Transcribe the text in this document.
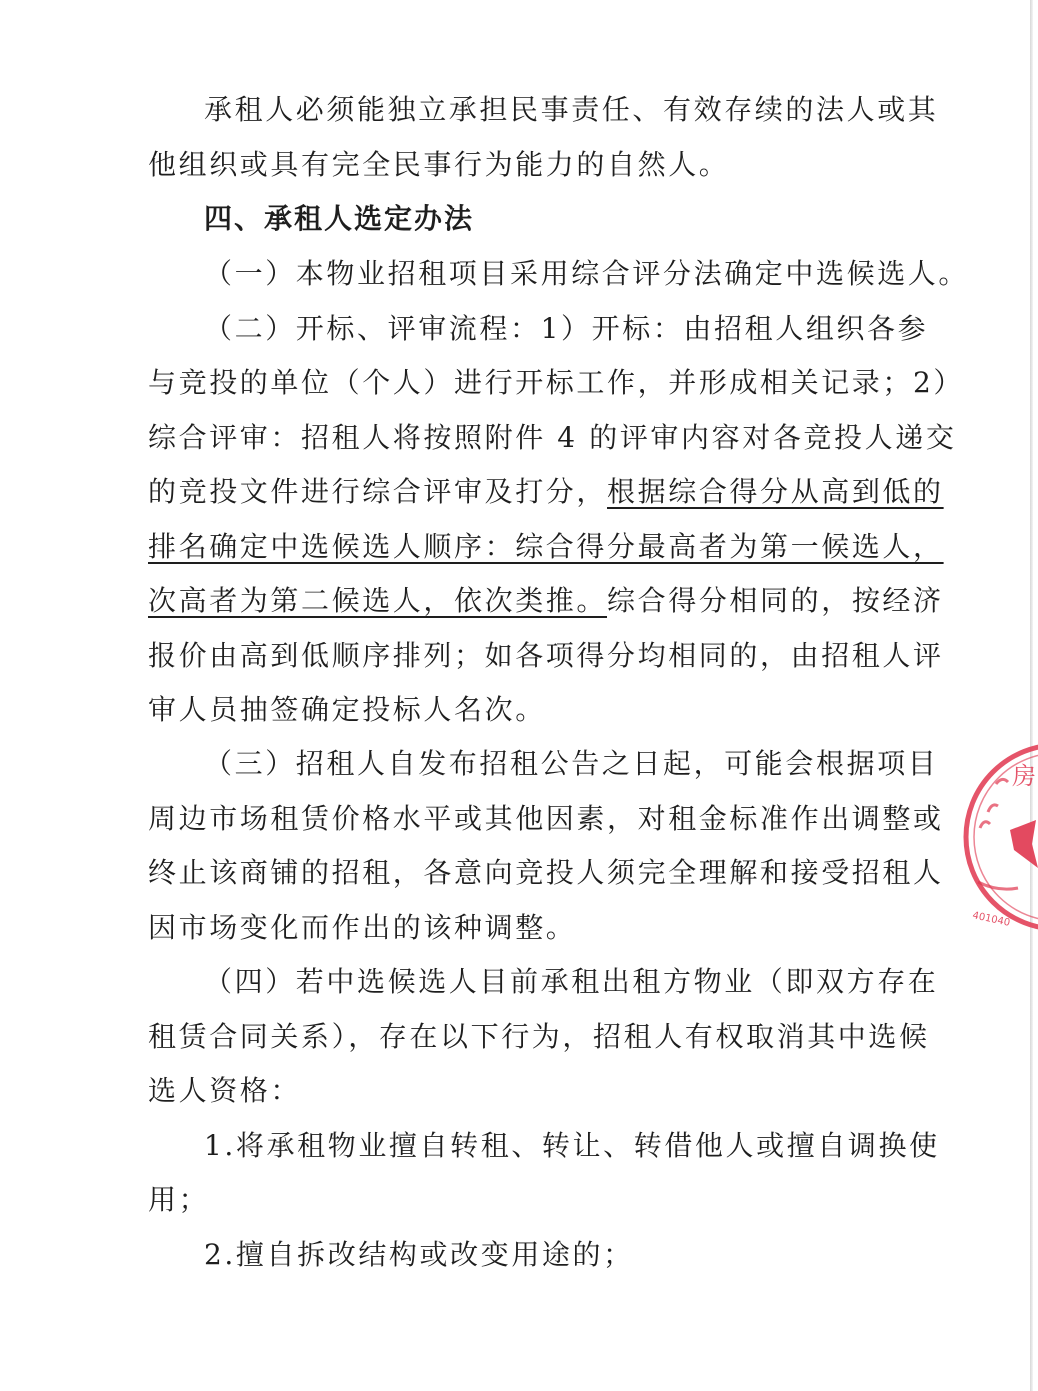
承租人必须能独立承担民事责任、有效存续的法人或其
他组织或具有完全民事行为能力的自然人。
四、承租人选定办法
（一）本物业招租项目采用综合评分法确定中选候选人。
（二）开标、评审流程：1）开标：由招租人组织各参
与竞投的单位（个人）进行开标工作，并形成相关记录；2）
综合评审：招租人将按照附件 4 的评审内容对各竞投人递交
的竞投文件进行综合评审及打分，根据综合得分从高到低的
排名确定中选候选人顺序：综合得分最高者为第一候选人，
次高者为第二候选人，依次类推。综合得分相同的，按经济
报价由高到低顺序排列；如各项得分均相同的，由招租人评
审人员抽签确定投标人名次。
（三）招租人自发布招租公告之日起，可能会根据项目
周边市场租赁价格水平或其他因素，对租金标准作出调整或
终止该商铺的招租，各意向竞投人须完全理解和接受招租人
因市场变化而作出的该种调整。
（四）若中选候选人目前承租出租方物业（即双方存在
租赁合同关系），存在以下行为，招租人有权取消其中选候
选人资格：
1.将承租物业擅自转租、转让、转借他人或擅自调换使
用；
2.擅自拆改结构或改变用途的；
房
401040
